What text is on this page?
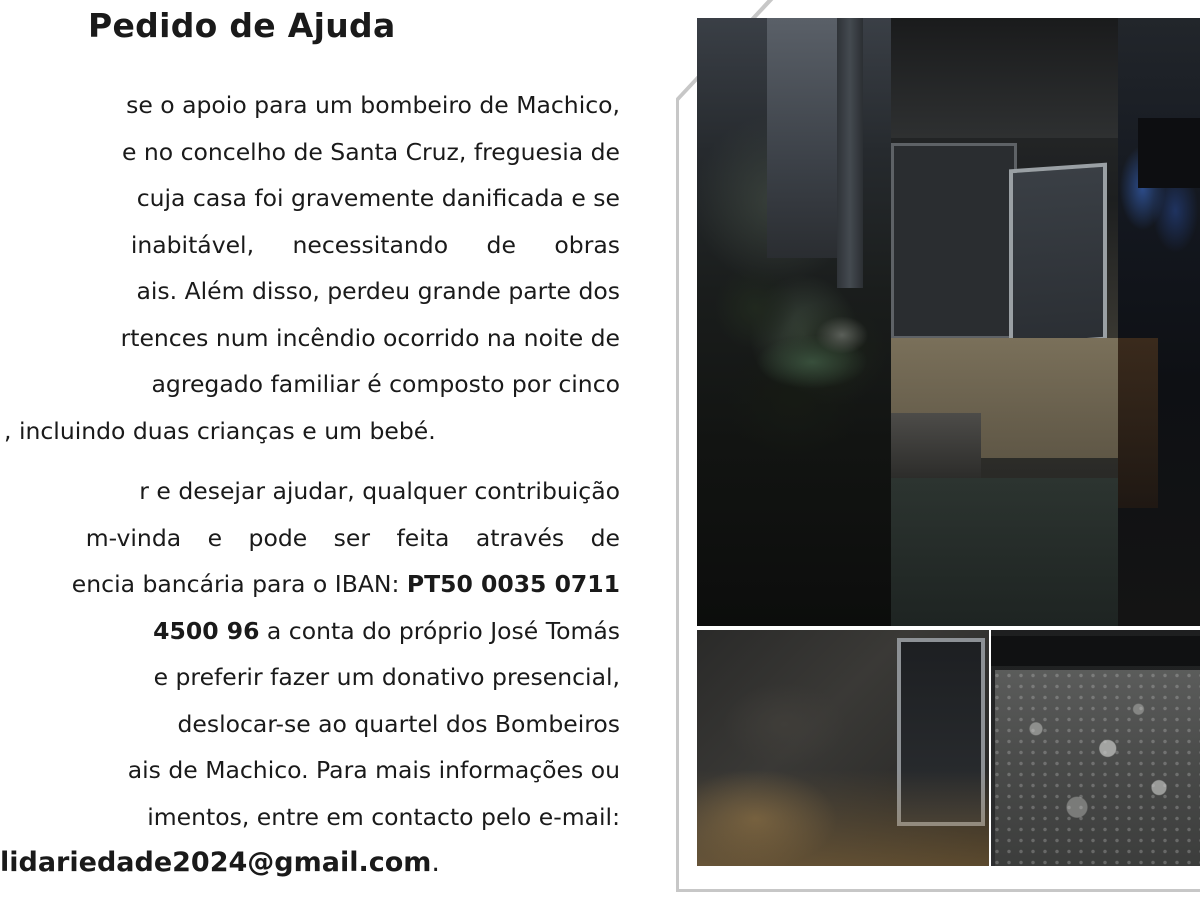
Pedido de Ajuda
se o apoio para um bombeiro de Machico,
e no concelho de Santa Cruz, freguesia de
cuja casa foi gravemente danificada e se
inabitável, necessitando de obras
ais. Além disso, perdeu grande parte dos
rtences num incêndio ocorrido na noite de
agregado familiar é composto por cinco
, incluindo duas crianças e um bebé.
r e desejar ajudar, qualquer contribuição
m-vinda e pode ser feita através de
encia bancária para o IBAN: PT50 0035 0711
4500 96 a conta do próprio José Tomás
e preferir fazer um donativo presencial,
deslocar-se ao quartel dos Bombeiros
ais de Machico. Para mais informações ou
imentos, entre em contacto pelo e-mail:
lidariedade2024@gmail.com.
